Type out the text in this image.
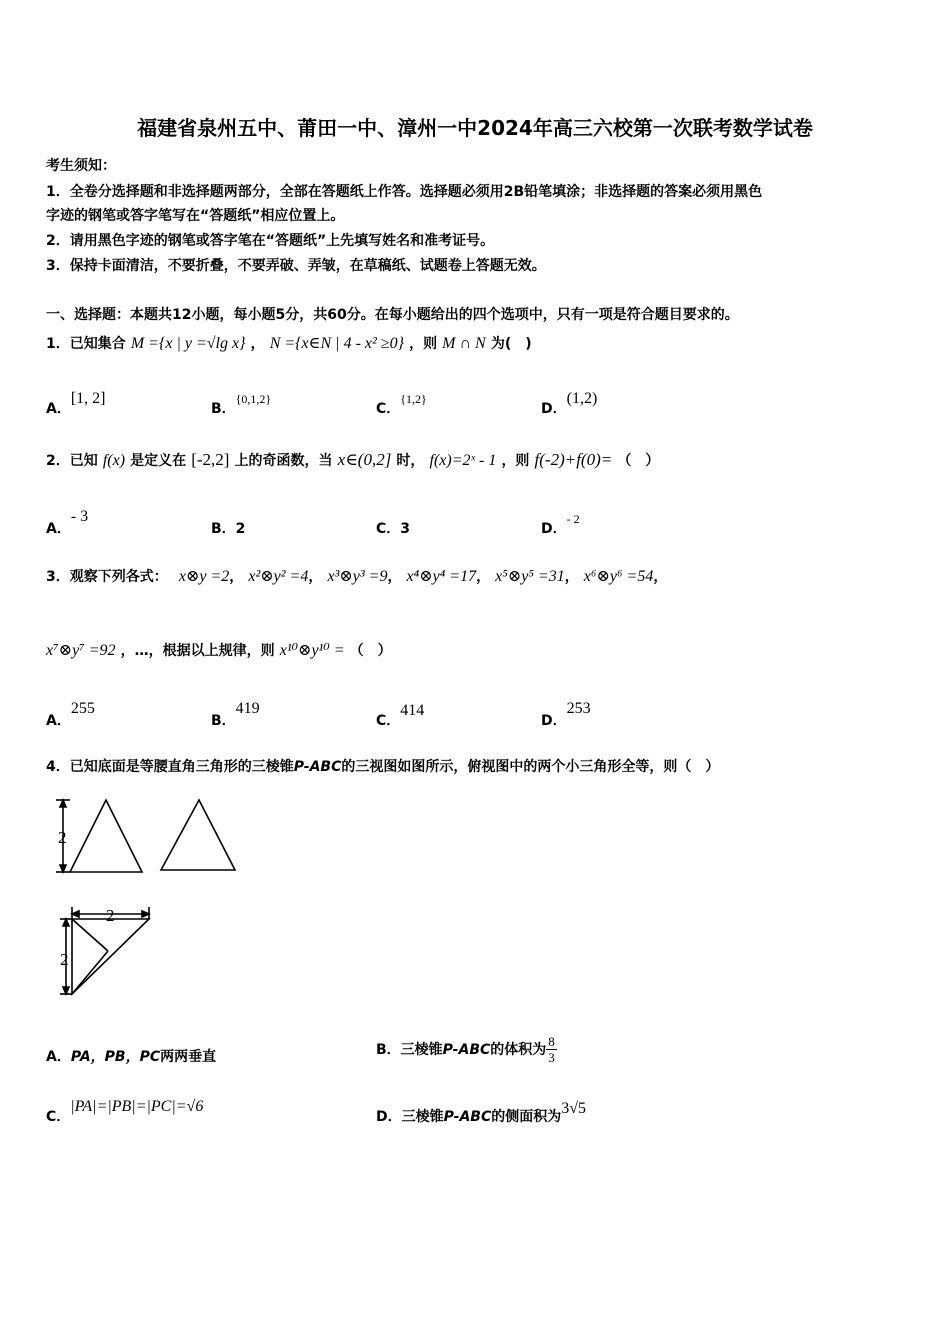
福建省泉州五中、莆田一中、漳州一中2024年高三六校第一次联考数学试卷
考生须知：
1．全卷分选择题和非选择题两部分，全部在答题纸上作答。选择题必须用2B铅笔填涂；非选择题的答案必须用黑色
字迹的钢笔或答字笔写在“答题纸”相应位置上。
2．请用黑色字迹的钢笔或答字笔在“答题纸”上先填写姓名和准考证号。
3．保持卡面清洁，不要折叠，不要弄破、弄皱，在草稿纸、试题卷上答题无效。
一、选择题：本题共12小题，每小题5分，共60分。在每小题给出的四个选项中，只有一项是符合题目要求的。
1．已知集合 M ={x | y =√lg x} ， N ={x∈N | 4 - x² ≥0} ，则 M ∩ N 为(　)
A．[1, 2]
B．{0,1,2}
C．{1,2}
D．(1,2)
2．已知 f(x) 是定义在 [-2,2] 上的奇函数，当 x∈(0,2] 时， f(x)=2ˣ - 1 ，则 f(-2)+f(0)= （　）
A．- 3
B．2	C．3	D．- 2
3．观察下列各式： x⊗y =2， x²⊗y² =4， x³⊗y³ =9， x⁴⊗y⁴ =17， x⁵⊗y⁵ =31， x⁶⊗y⁶ =54，
x⁷⊗y⁷ =92 ，…，根据以上规律，则 x¹⁰⊗y¹⁰ = （　）
A．255
B．419
C．414
D．253
4．已知底面是等腰直角三角形的三棱锥P-ABC的三视图如图所示，俯视图中的两个小三角形全等，则（　）
2
2
2
A．PA，PB，PC两两垂直	B．三棱锥P-ABC的体积为 $\frac{8}{3}$
C．|PA|=|PB|=|PC|=√6
D．三棱锥P-ABC的侧面积为3√5
